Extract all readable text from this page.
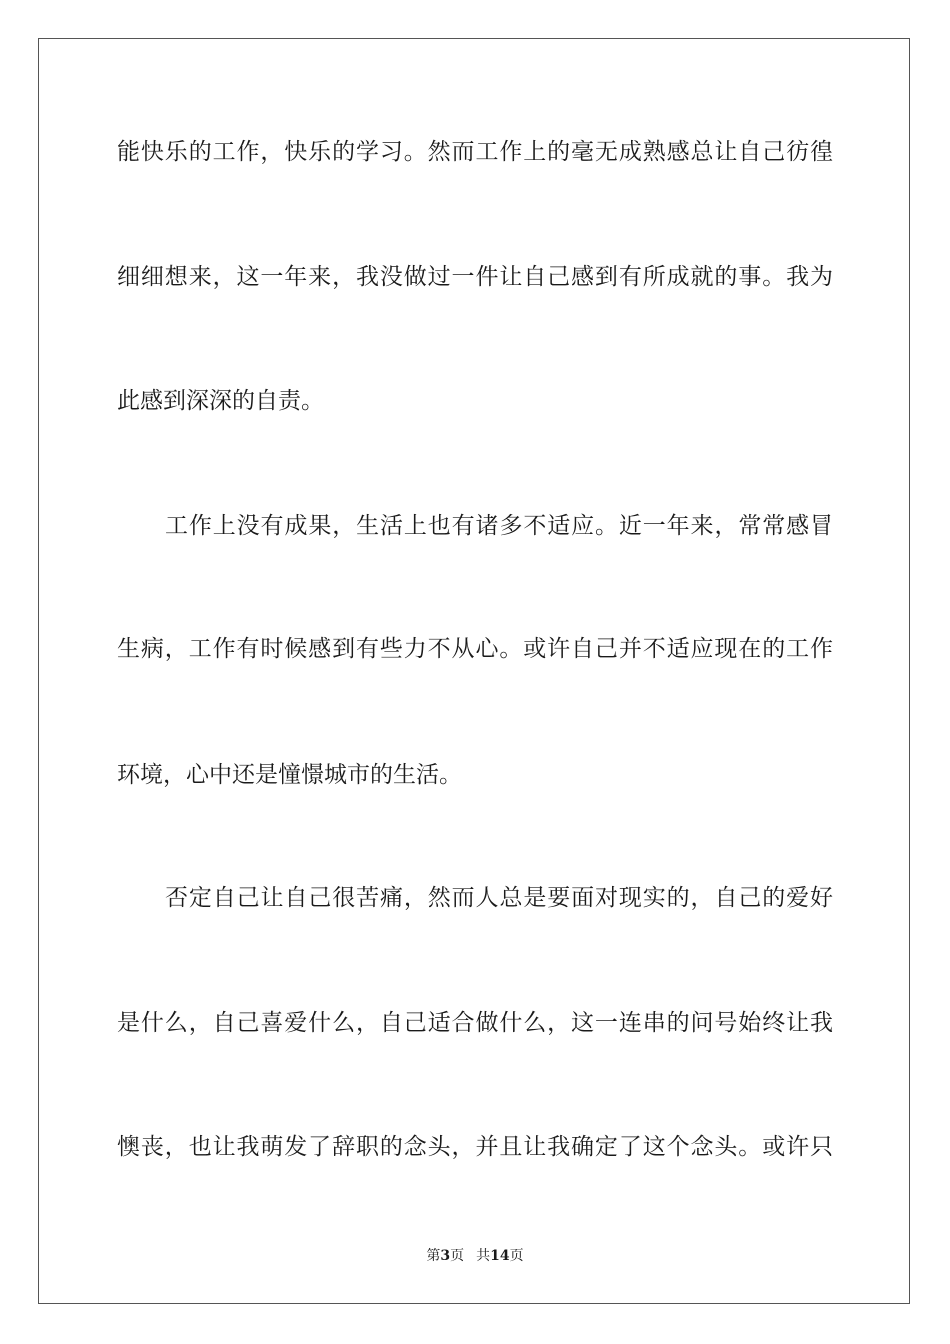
能快乐的工作，快乐的学习。然而工作上的毫无成熟感总让自己彷徨
细细想来，这一年来，我没做过一件让自己感到有所成就的事。我为
此感到深深的自责。
工作上没有成果，生活上也有诸多不适应。近一年来，常常感冒
生病，工作有时候感到有些力不从心。或许自己并不适应现在的工作
环境，心中还是憧憬城市的生活。
否定自己让自己很苦痛，然而人总是要面对现实的，自己的爱好
是什么，自己喜爱什么，自己适合做什么，这一连串的问号始终让我
懊丧，也让我萌发了辞职的念头，并且让我确定了这个念头。或许只
第3页 共14页
